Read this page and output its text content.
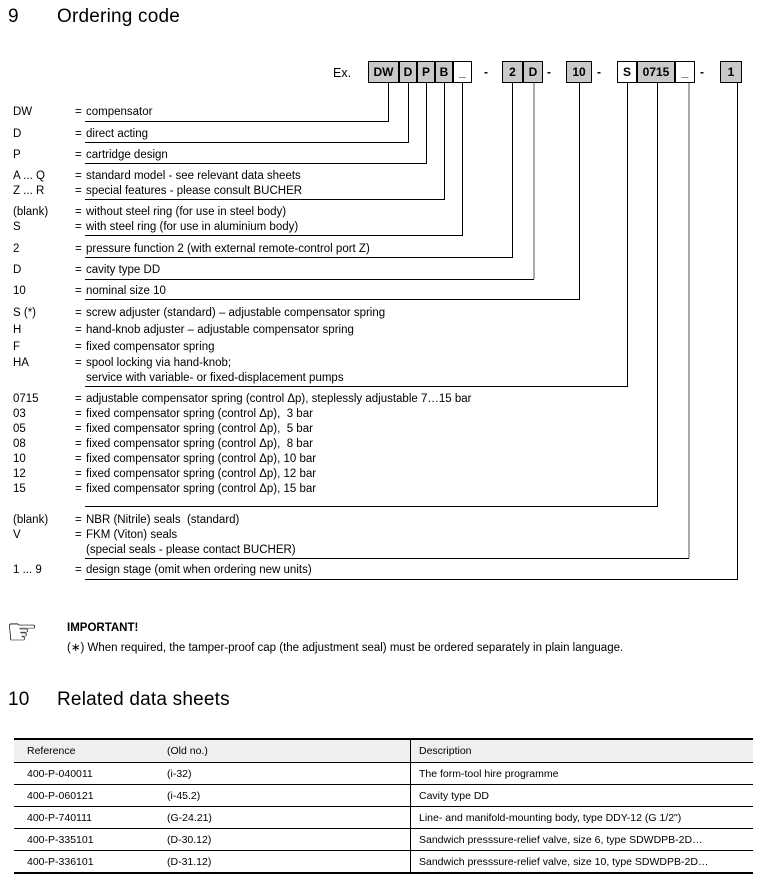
9 Ordering code
Ex.	DW D P B _	2	D	10	S 0715	_	1
-	-	-	-
DW	= compensator
D	= direct acting
P	= cartridge design
A ... Q	= standard model - see relevant data sheets
Z ... R	= special features - please consult BUCHER
(blank) = without steel ring (for use in steel body)
S	= with steel ring (for use in aluminium body)
2	= pressure function 2 (with external remote-control port Z)
D	= cavity type DD
10	= nominal size 10
S (*)	= screw adjuster (standard) – adjustable compensator spring
H	= hand-knob adjuster – adjustable compensator spring
F	= fixed compensator spring
HA	= spool locking via hand-knob;
service with variable- or fixed-displacement pumps
0715	= adjustable compensator spring (control Δp), steplessly adjustable 7…15 bar
03	= fixed compensator spring (control Δp),  3 bar
05	= fixed compensator spring (control Δp),  5 bar
08	= fixed compensator spring (control Δp),  8 bar
10	= fixed compensator spring (control Δp), 10 bar
12	= fixed compensator spring (control Δp), 12 bar
15	= fixed compensator spring (control Δp), 15 bar
(blank) = NBR (Nitrile) seals  (standard)
V	= FKM (Viton) seals
(special seals - please contact BUCHER)
1 ... 9	= design stage (omit when ordering new units)
☞ IMPORTANT!
(∗) When required, the tamper-proof cap (the adjustment seal) must be ordered separately in plain language.
10 Related data sheets
Reference	(Old no.)	Description
400-P-040011	(i-32)	The form-tool hire programme
400-P-060121	(i-45.2)	Cavity type DD
400-P-740111	(G-24.21)	Line- and manifold-mounting body, type DDY-12 (G 1/2")
400-P-335101	(D-30.12)	Sandwich presssure-relief valve, size 6, type SDWDPB-2D…
400-P-336101	(D-31.12)	Sandwich presssure-relief valve, size 10, type SDWDPB-2D…
